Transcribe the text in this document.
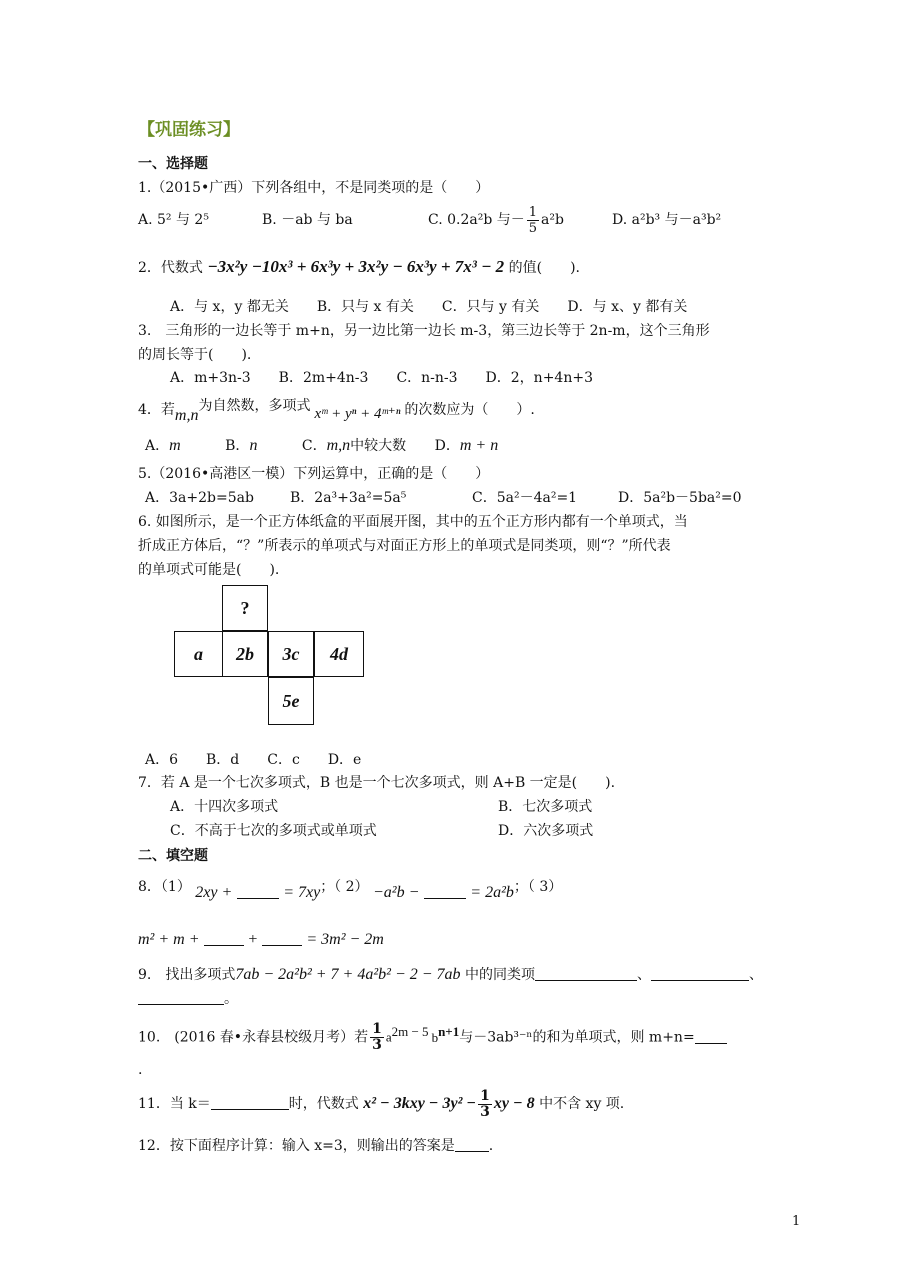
【巩固练习】
一、选择题
1.（2015•广西）下列各组中，不是同类项的是（　　）
A. 5² 与 2⁵	B. －ab 与 ba	C. 0.2a²b 与－ $\frac{1}{5} a^2b$	D. a²b³ 与－a³b²
2．代数式 −3x²y −10x³ + 6x³y + 3x²y − 6x³y + 7x³ − 2 的值(　　).
A．与 x，y 都无关　　B．只与 x 有关　　C．只与 y 有关　　D．与 x、y 都有关
3.　三角形的一边长等于 m+n，另一边比第一边长 m-3，第三边长等于 2n-m，这个三角形
的周长等于(　　).
A．m+3n-3　　B．2m+4n-3　　C．n-n-3　　D．2，n+4n+3
4．若m,n为自然数，多项式 xᵐ + yⁿ + 4ᵐ⁺ⁿ 的次数应为（　　）.
A．m	B．n	C．m,n中较大数 D．m + n
5.（2016•高港区一模）下列运算中，正确的是（　　）
A．3a+2b=5ab	B．2a³+3a²=5a⁵	C．5a²－4a²=1	D．5a²b－5ba²=0
6. 如图所示，是一个正方体纸盒的平面展开图，其中的五个正方形内都有一个单项式，当
折成正方体后，“？”所表示的单项式与对面正方形上的单项式是同类项，则“？”所代表
的单项式可能是(　　).
?
a	2b	3c	4d
5e
A．6　　B．d　　C．c　　D．e
7．若 A 是一个七次多项式，B 也是一个七次多项式，则 A+B 一定是(　　).
A．十四次多项式	B．七次多项式
C．不高于七次的多项式或单项式	D．六次多项式
二、填空题
8．（1） 2xy +	= 7xy；（ 2） −a²b −	= 2a²b；（ 3）
m² + m +	+	= 3m² − 2m
9.　找出多项式7ab − 2a²b² + 7 + 4a²b² − 2 − 7ab 中的同类项	、	、
。
10.　(2016 春•永春县校级月考）若 $\frac{1}{3} a^{2m - 5}$ $b^{n+1}$与－3ab³⁻ⁿ的和为单项式，则 m+n=
.
11．当 k＝	时，代数式 $x^2 - 3kxy - 3y^2 - \frac{1}{3}$ xy − 8 中不含 xy 项.
12．按下面程序计算：输入 x=3，则输出的答案是 .
1
